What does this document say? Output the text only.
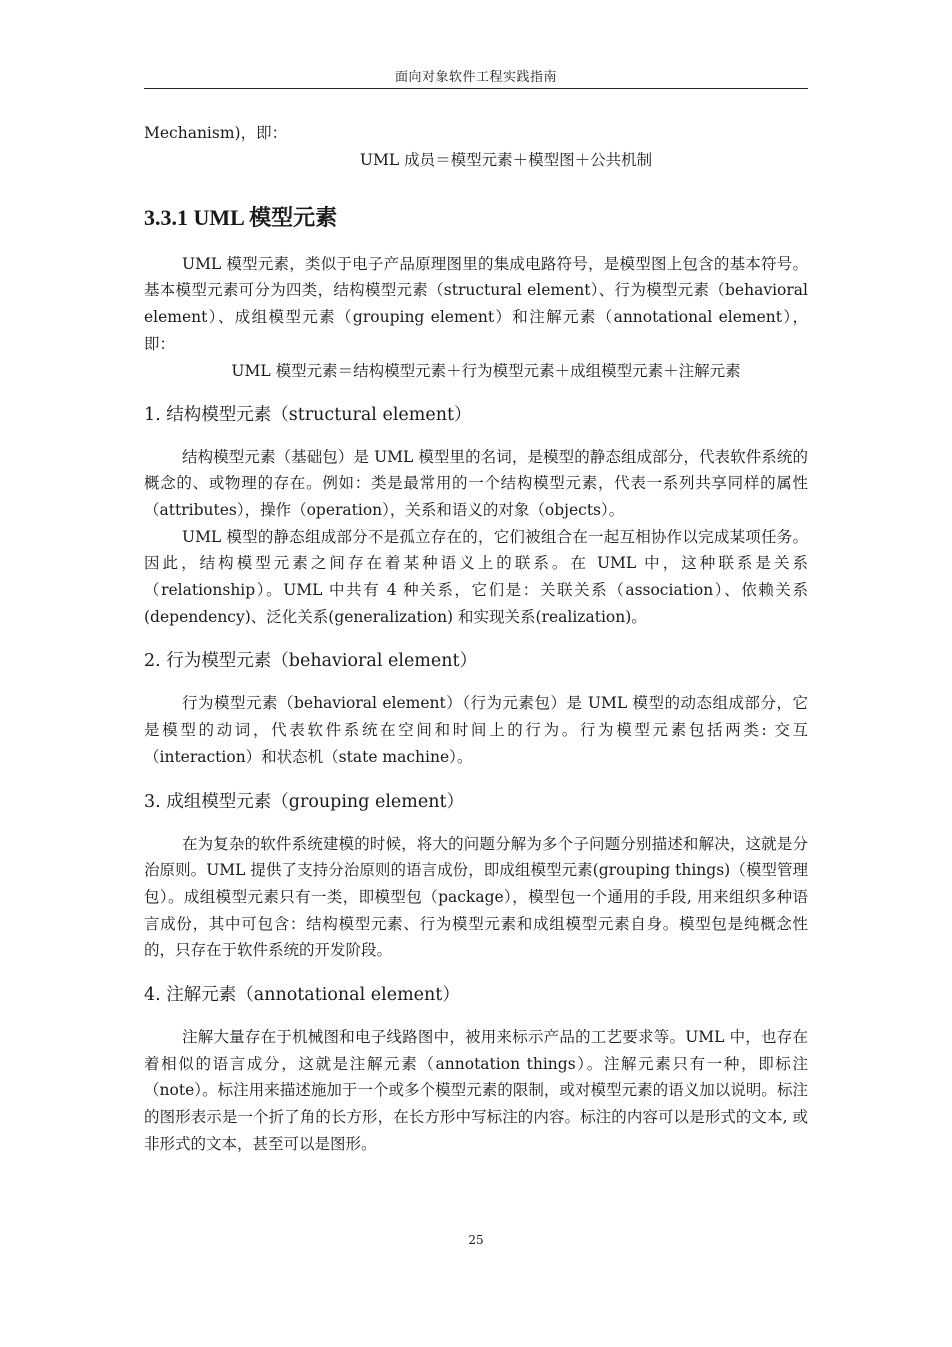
面向对象软件工程实践指南

Mechanism)，即：

UML 成员＝模型元素＋模型图＋公共机制

3.3.1 UML 模型元素

UML 模型元素，类似于电子产品原理图里的集成电路符号，是模型图上包含的基本符号。基本模型元素可分为四类，结构模型元素（structural element）、行为模型元素（behavioral element）、成组模型元素（grouping element）和注解元素（annotational element），即：

UML 模型元素＝结构模型元素＋行为模型元素＋成组模型元素＋注解元素

1. 结构模型元素（structural element）

结构模型元素（基础包）是 UML 模型里的名词，是模型的静态组成部分，代表软件系统的概念的、或物理的存在。例如：类是最常用的一个结构模型元素，代表一系列共享同样的属性（attributes），操作（operation），关系和语义的对象（objects）。

UML 模型的静态组成部分不是孤立存在的，它们被组合在一起互相协作以完成某项任务。因此，结构模型元素之间存在着某种语义上的联系。在 UML 中，这种联系是关系（relationship）。UML 中共有 4 种关系，它们是：关联关系（association）、依赖关系(dependency)、泛化关系(generalization) 和实现关系(realization)。

2. 行为模型元素（behavioral element）

行为模型元素（behavioral element）（行为元素包）是 UML 模型的动态组成部分，它是模型的动词，代表软件系统在空间和时间上的行为。行为模型元素包括两类: 交互（interaction）和状态机（state machine）。

3. 成组模型元素（grouping element）

在为复杂的软件系统建模的时候，将大的问题分解为多个子问题分别描述和解决，这就是分治原则。UML 提供了支持分治原则的语言成份，即成组模型元素(grouping things)（模型管理包）。成组模型元素只有一类，即模型包（package），模型包一个通用的手段, 用来组织多种语言成份，其中可包含：结构模型元素、行为模型元素和成组模型元素自身。模型包是纯概念性的，只存在于软件系统的开发阶段。

4. 注解元素（annotational element）

注解大量存在于机械图和电子线路图中，被用来标示产品的工艺要求等。UML 中，也存在着相似的语言成分，这就是注解元素（annotation things）。注解元素只有一种，即标注（note）。标注用来描述施加于一个或多个模型元素的限制，或对模型元素的语义加以说明。标注的图形表示是一个折了角的长方形，在长方形中写标注的内容。标注的内容可以是形式的文本, 或非形式的文本，甚至可以是图形。

25
